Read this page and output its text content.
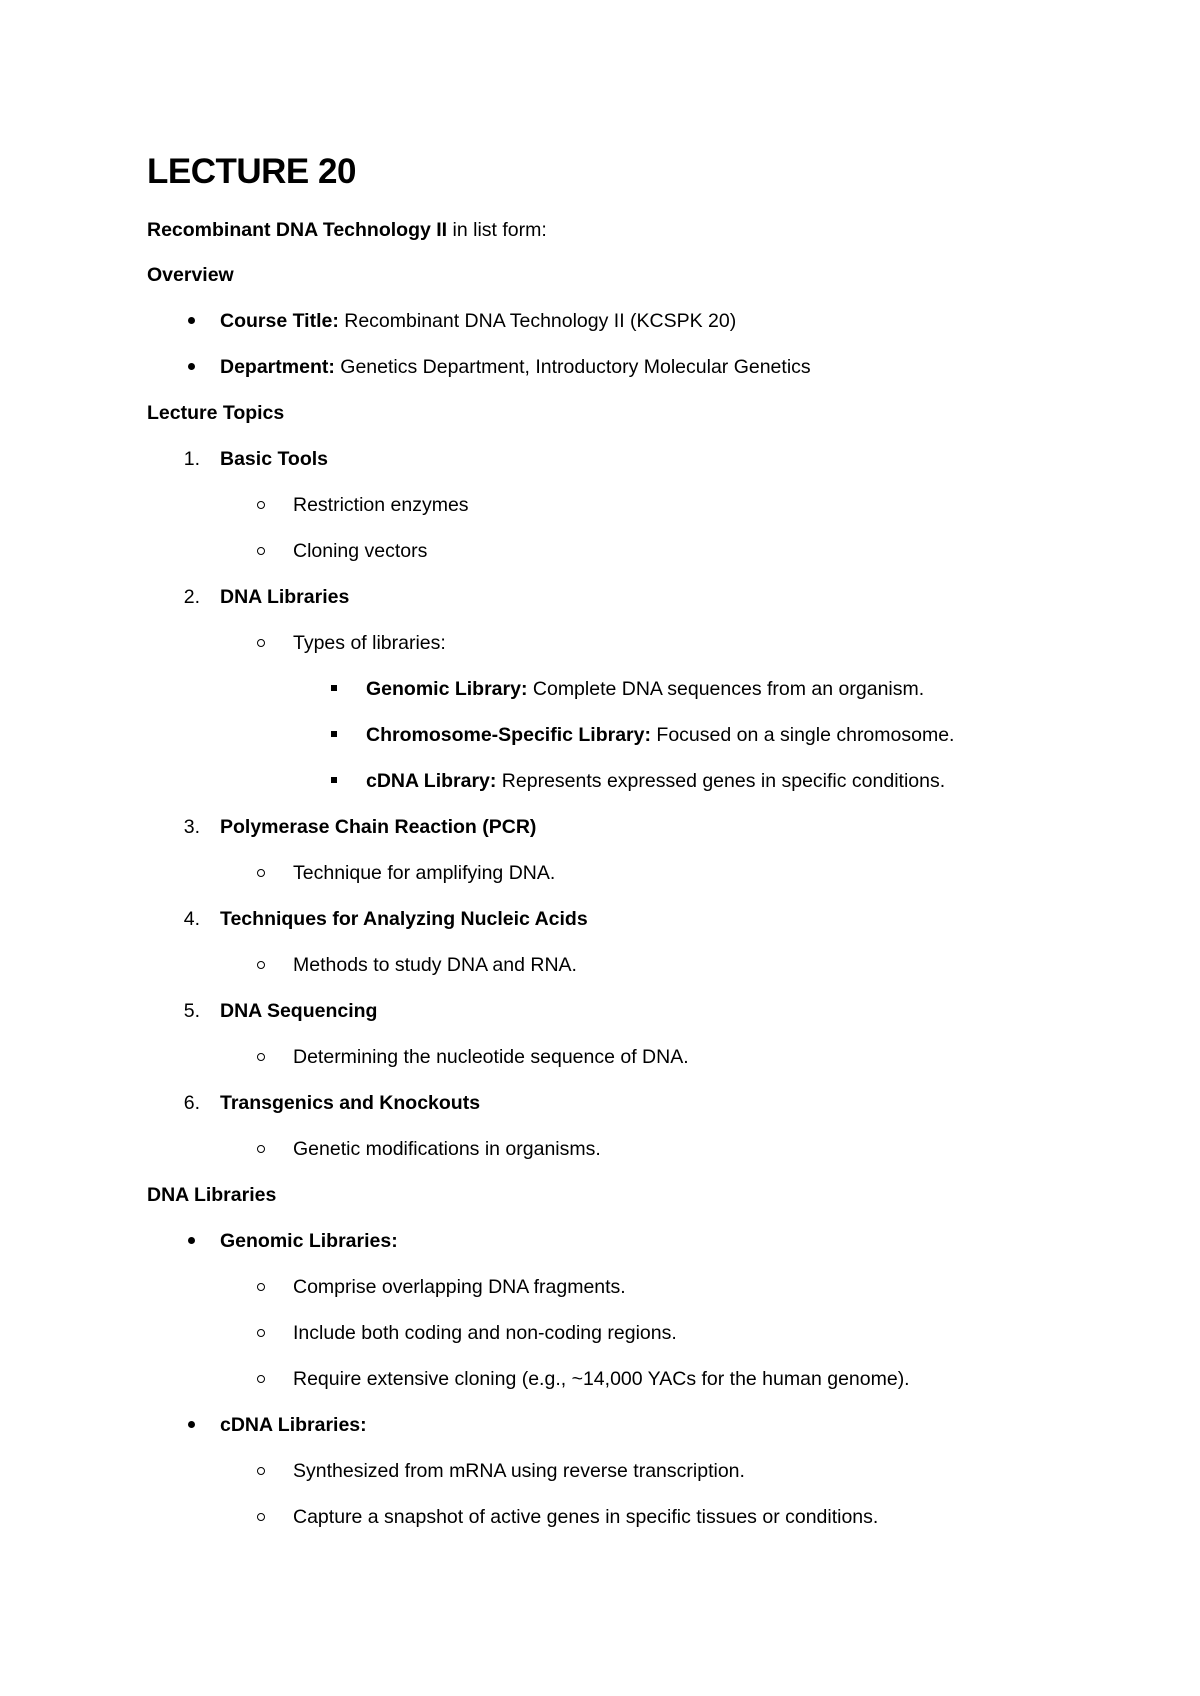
LECTURE 20
Recombinant DNA Technology II in list form:
Overview
Course Title: Recombinant DNA Technology II (KCSPK 20)
Department: Genetics Department, Introductory Molecular Genetics
Lecture Topics
1. Basic Tools
Restriction enzymes
Cloning vectors
2. DNA Libraries
Types of libraries:
Genomic Library: Complete DNA sequences from an organism.
Chromosome-Specific Library: Focused on a single chromosome.
cDNA Library: Represents expressed genes in specific conditions.
3. Polymerase Chain Reaction (PCR)
Technique for amplifying DNA.
4. Techniques for Analyzing Nucleic Acids
Methods to study DNA and RNA.
5. DNA Sequencing
Determining the nucleotide sequence of DNA.
6. Transgenics and Knockouts
Genetic modifications in organisms.
DNA Libraries
Genomic Libraries:
Comprise overlapping DNA fragments.
Include both coding and non-coding regions.
Require extensive cloning (e.g., ~14,000 YACs for the human genome).
cDNA Libraries:
Synthesized from mRNA using reverse transcription.
Capture a snapshot of active genes in specific tissues or conditions.
